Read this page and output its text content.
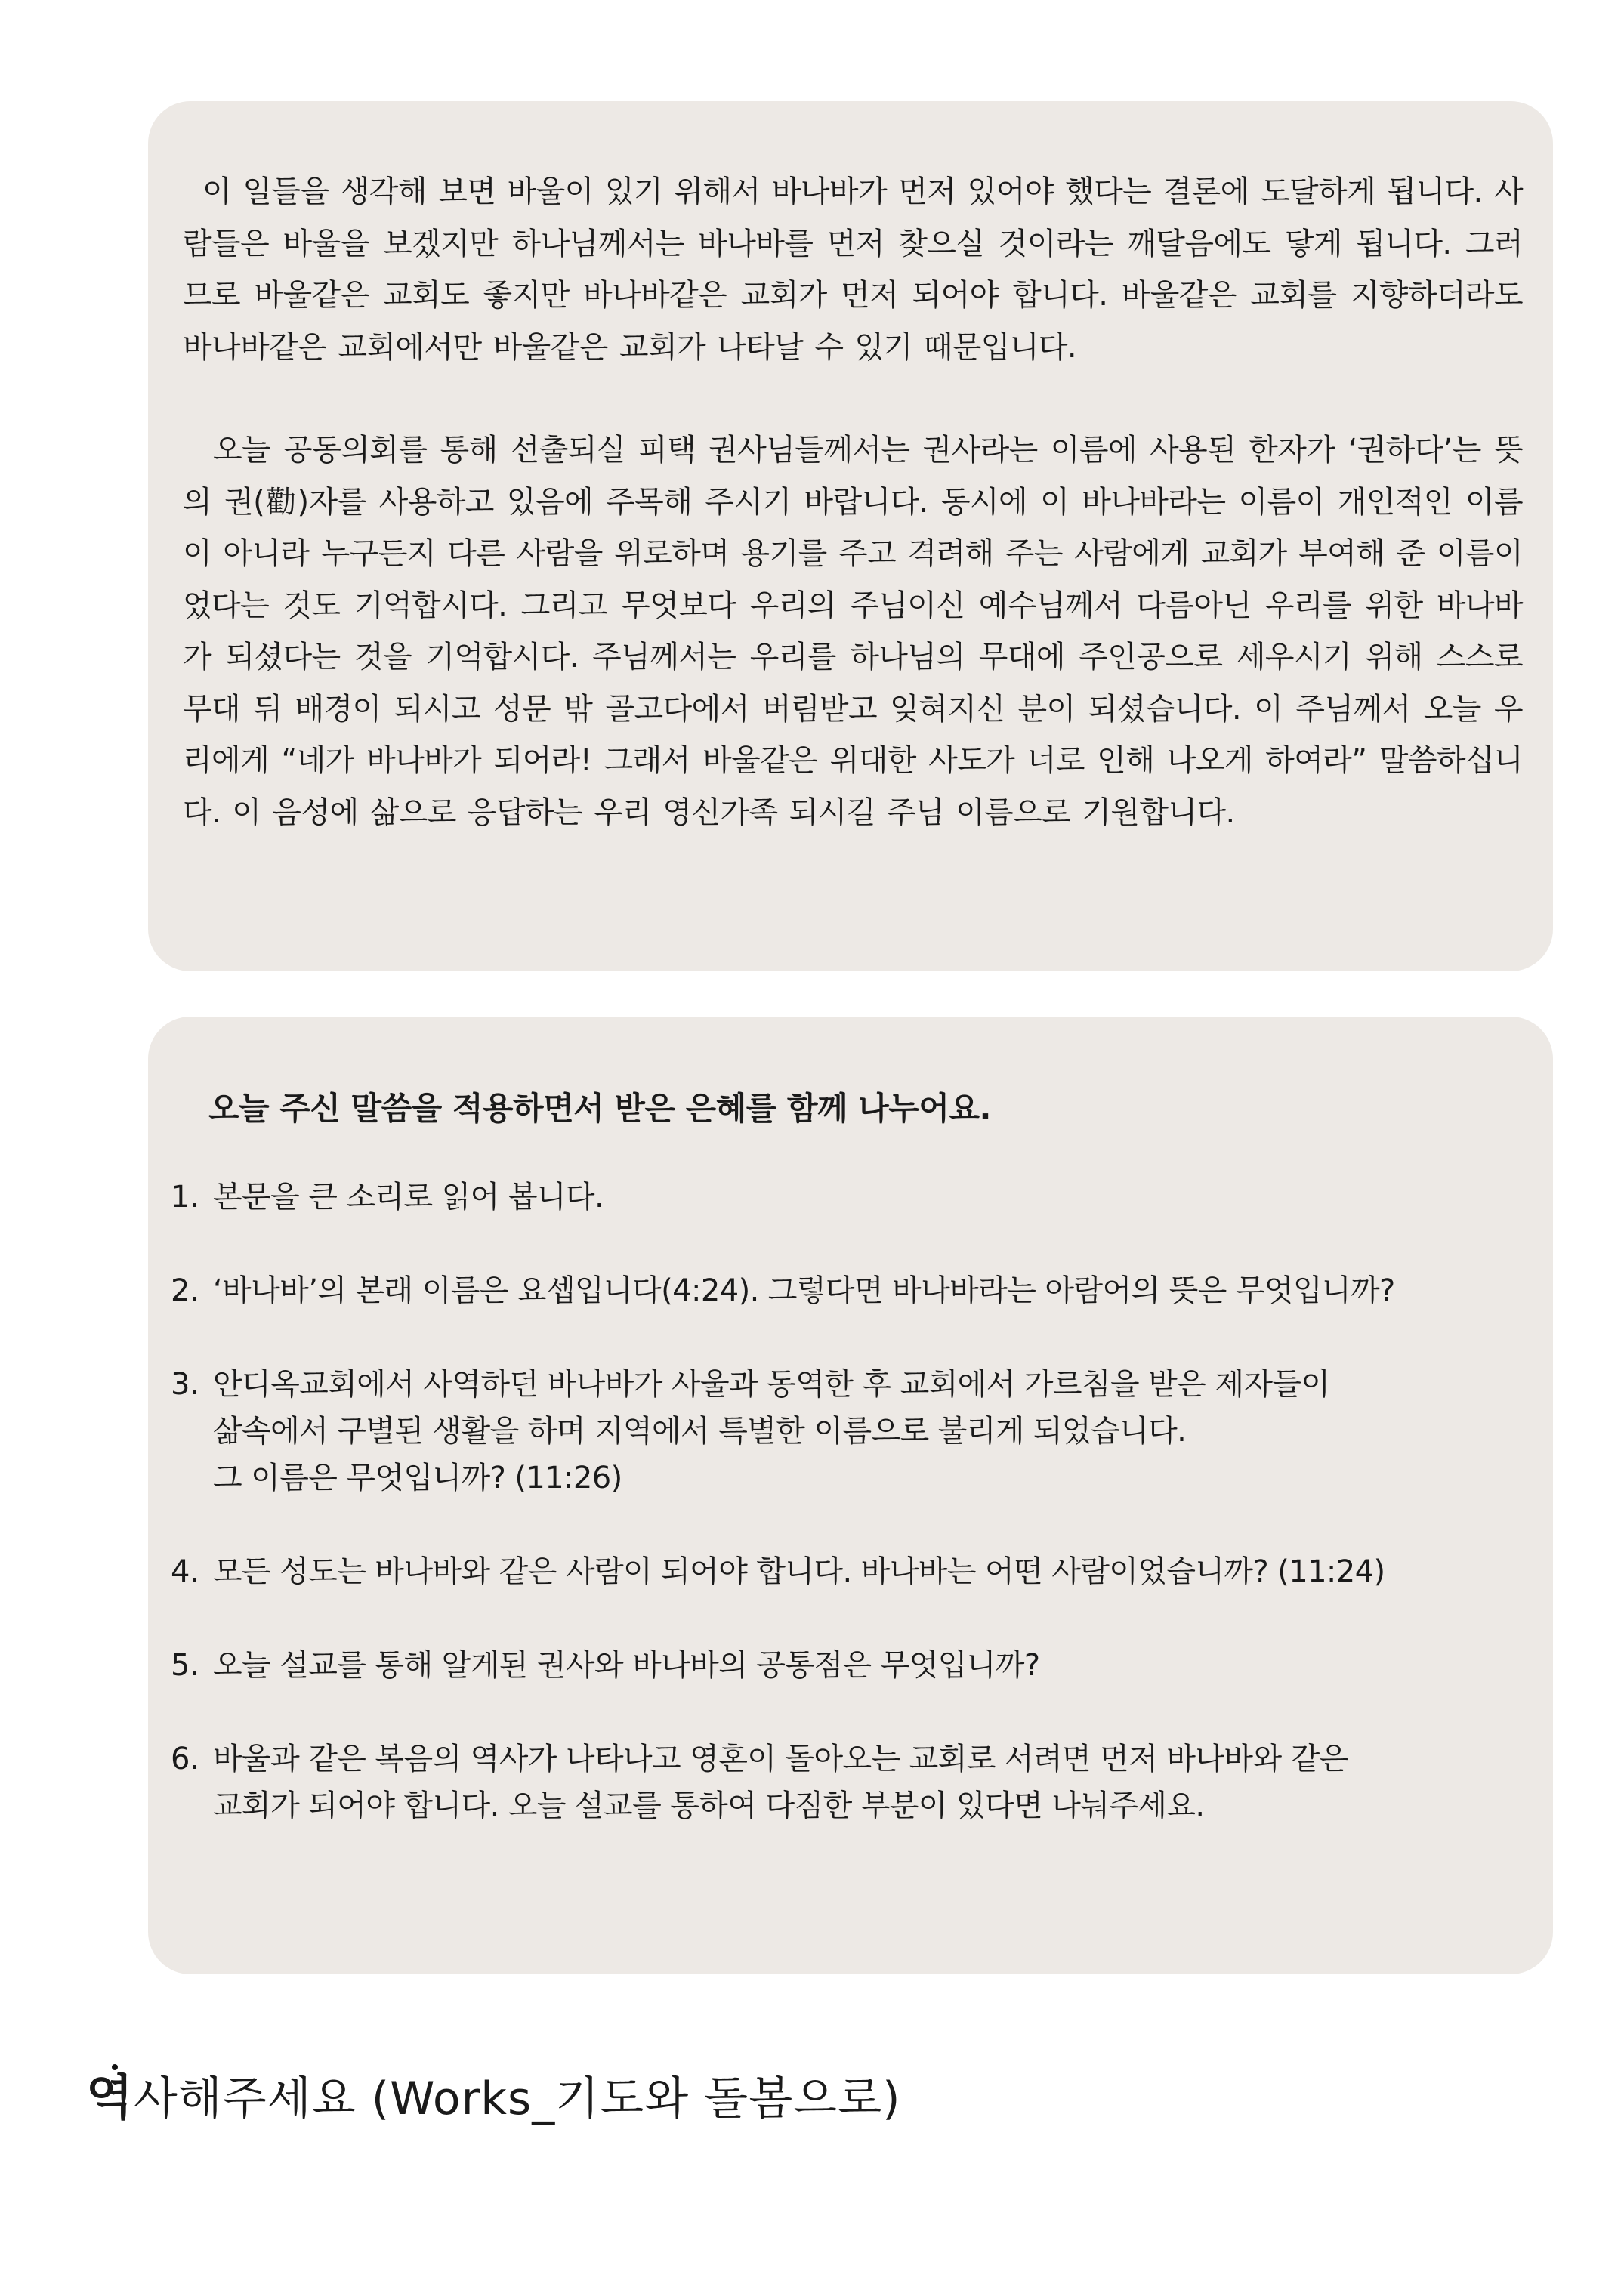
이 일들을 생각해 보면 바울이 있기 위해서 바나바가 먼저 있어야 했다는 결론에 도달하게 됩니다. 사람들은 바울을 보겠지만 하나님께서는 바나바를 먼저 찾으실 것이라는 깨달음에도 닿게 됩니다. 그러므로 바울같은 교회도 좋지만 바나바같은 교회가 먼저 되어야 합니다. 바울같은 교회를 지향하더라도 바나바같은 교회에서만 바울같은 교회가 나타날 수 있기 때문입니다.

오늘 공동의회를 통해 선출되실 피택 권사님들께서는 권사라는 이름에 사용된 한자가 ‘권하다’는 뜻의 권(勸)자를 사용하고 있음에 주목해 주시기 바랍니다. 동시에 이 바나바라는 이름이 개인적인 이름이 아니라 누구든지 다른 사람을 위로하며 용기를 주고 격려해 주는 사람에게 교회가 부여해 준 이름이었다는 것도 기억합시다. 그리고 무엇보다 우리의 주님이신 예수님께서 다름아닌 우리를 위한 바나바가 되셨다는 것을 기억합시다. 주님께서는 우리를 하나님의 무대에 주인공으로 세우시기 위해 스스로 무대 뒤 배경이 되시고 성문 밖 골고다에서 버림받고 잊혀지신 분이 되셨습니다. 이 주님께서 오늘 우리에게 “네가 바나바가 되어라! 그래서 바울같은 위대한 사도가 너로 인해 나오게 하여라” 말씀하십니다. 이 음성에 삶으로 응답하는 우리 영신가족 되시길 주님 이름으로 기원합니다.

오늘 주신 말씀을 적용하면서 받은 은혜를 함께 나누어요.
1. 본문을 큰 소리로 읽어 봅니다.
2. ‘바나바’의 본래 이름은 요셉입니다(4:24). 그렇다면 바나바라는 아람어의 뜻은 무엇입니까?
3. 안디옥교회에서 사역하던 바나바가 사울과 동역한 후 교회에서 가르침을 받은 제자들이
삶속에서 구별된 생활을 하며 지역에서 특별한 이름으로 불리게 되었습니다.
그 이름은 무엇입니까? (11:26)
4. 모든 성도는 바나바와 같은 사람이 되어야 합니다. 바나바는 어떤 사람이었습니까? (11:24)
5. 오늘 설교를 통해 알게된 권사와 바나바의 공통점은 무엇입니까?
6. 바울과 같은 복음의 역사가 나타나고 영혼이 돌아오는 교회로 서려면 먼저 바나바와 같은
교회가 되어야 합니다. 오늘 설교를 통하여 다짐한 부분이 있다면 나눠주세요.
역사해주세요 (Works_기도와 돌봄으로)
